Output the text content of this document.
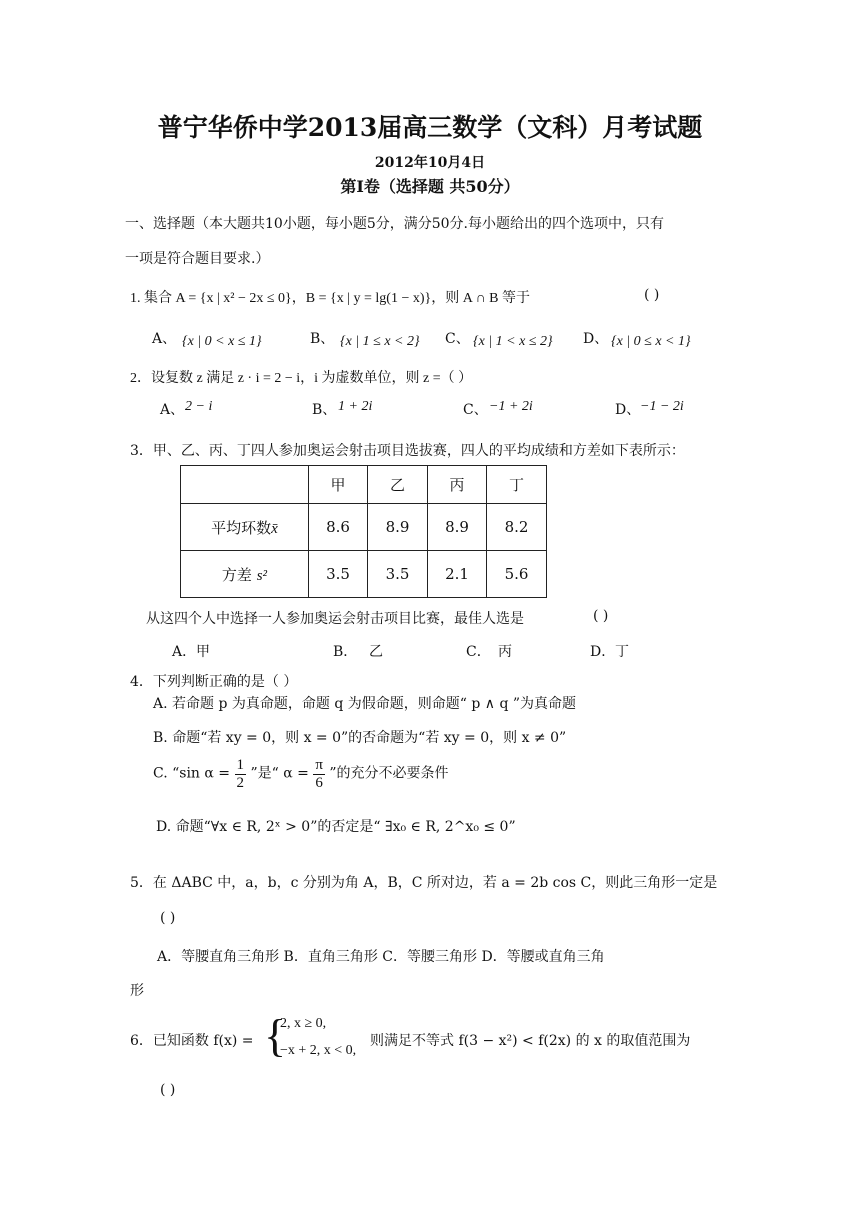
普宁华侨中学2013届高三数学（文科）月考试题
2012年10月4日
第Ⅰ卷（选择题 共50分）
一、选择题（本大题共10小题，每小题5分，满分50分.每小题给出的四个选项中，只有
一项是符合题目要求.）
1. 集合 A = {x | x² − 2x ≤ 0}，B = {x | y = lg(1 − x)}，则 A ∩ B 等于	( )
A、 {x | 0 < x ≤ 1}	B、 {x | 1 ≤ x < 2} C、 {x | 1 < x ≤ 2} D、 {x | 0 ≤ x < 1}
2．设复数 z 满足 z · i = 2 − i，i 为虚数单位，则 z =（ ）
A、 2 − i	B、 1 + 2i	C、 −1 + 2i	D、 −1 − 2i
3．甲、乙、丙、丁四人参加奥运会射击项目选拔赛，四人的平均成绩和方差如下表所示：
	甲	乙	丙	丁
平均环数x̄	8.6	8.9	8.9	8.2
方差 s²	3.5	3.5	2.1	5.6
从这四个人中选择一人参加奥运会射击项目比赛，最佳人选是	( )
A． 甲	B． 乙	C． 丙	D． 丁
4．下列判断正确的是（ ）
A. 若命题 p 为真命题，命题 q 为假命题，则命题“ p ∧ q ”为真命题
B. 命题“若 xy = 0，则 x = 0”的否命题为“若 xy = 0，则 x ≠ 0”
C. “sin $\alpha = \frac{1}{2}$ ”是“ $\alpha = \frac{\pi}{6}$ ”的充分不必要条件
D. 命题“∀x ∈ R, 2ˣ > 0”的否定是“ ∃x₀ ∈ R, 2^x₀ ≤ 0”
5．在 ΔABC 中，a，b，c 分别为角 A，B，C 所对边，若 a = 2b cos C，则此三角形一定是
( )
A．等腰直角三角形 B．直角三角形 C．等腰三角形 D．等腰或直角三角
形
6．已知函数 f(x) = {
2, x ≥ 0,
−x + 2, x < 0,
则满足不等式 f(3 − x²) < f(2x) 的 x 的取值范围为
( )
